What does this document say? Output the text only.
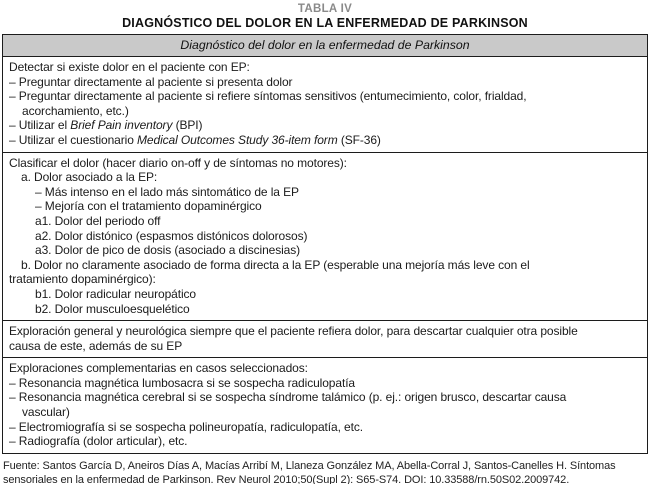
TABLA IV
DIAGNÓSTICO DEL DOLOR EN LA ENFERMEDAD DE PARKINSON
Diagnóstico del dolor en la enfermedad de Parkinson
Detectar si existe dolor en el paciente con EP:
– Preguntar directamente al paciente si presenta dolor
– Preguntar directamente al paciente si refiere síntomas sensitivos (entumecimiento, color, frialdad,
acorchamiento, etc.)
– Utilizar el Brief Pain inventory (BPI)
– Utilizar el cuestionario Medical Outcomes Study 36-item form (SF-36)
Clasificar el dolor (hacer diario on-off y de síntomas no motores):
a. Dolor asociado a la EP:
– Más intenso en el lado más sintomático de la EP
– Mejoría con el tratamiento dopaminérgico
a1. Dolor del periodo off
a2. Dolor distónico (espasmos distónicos dolorosos)
a3. Dolor de pico de dosis (asociado a discinesias)
b. Dolor no claramente asociado de forma directa a la EP (esperable una mejoría más leve con el
tratamiento dopaminérgico):
b1. Dolor radicular neuropático
b2. Dolor musculoesquelético
Exploración general y neurológica siempre que el paciente refiera dolor, para descartar cualquier otra posible
causa de este, además de su EP
Exploraciones complementarias en casos seleccionados:
– Resonancia magnética lumbosacra si se sospecha radiculopatía
– Resonancia magnética cerebral si se sospecha síndrome talámico (p. ej.: origen brusco, descartar causa
vascular)
– Electromiografía si se sospecha polineuropatía, radiculopatía, etc.
– Radiografía (dolor articular), etc.
Fuente: Santos García D, Aneiros Días A, Macías Arribí M, Llaneza González MA, Abella-Corral J, Santos-Canelles H. Síntomas
sensoriales en la enfermedad de Parkinson. Rev Neurol 2010;50(Supl 2): S65-S74. DOI: 10.33588/rn.50S02.2009742.
